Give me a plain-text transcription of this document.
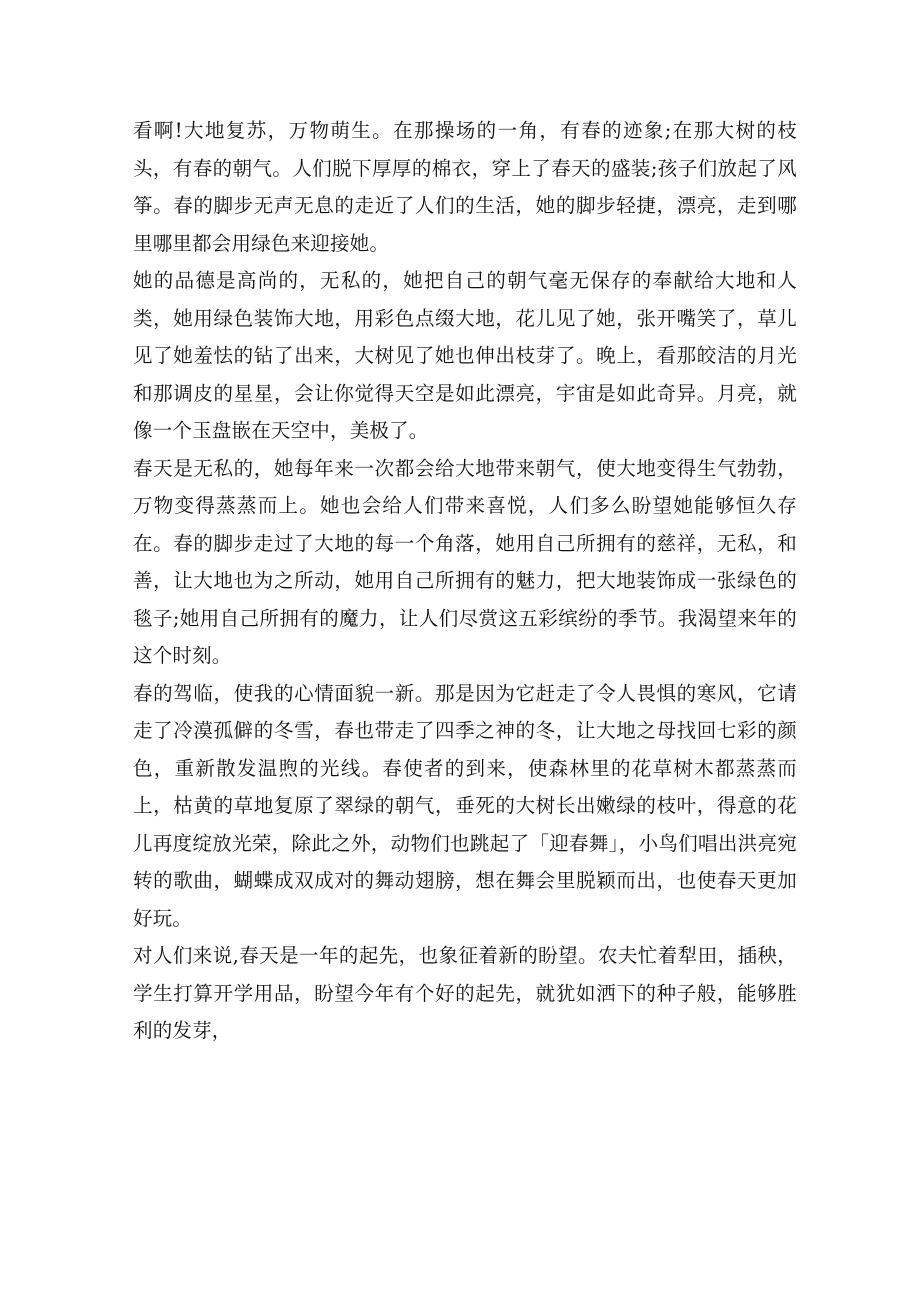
看啊!大地复苏，万物萌生。在那操场的一角，有春的迹象;在那大树的枝头，有春的朝气。人们脱下厚厚的棉衣，穿上了春天的盛装;孩子们放起了风筝。春的脚步无声无息的走近了人们的生活，她的脚步轻捷，漂亮，走到哪里哪里都会用绿色来迎接她。

她的品德是高尚的，无私的，她把自己的朝气毫无保存的奉献给大地和人类，她用绿色装饰大地，用彩色点缀大地，花儿见了她，张开嘴笑了，草儿见了她羞怯的钻了出来，大树见了她也伸出枝芽了。晚上，看那皎洁的月光和那调皮的星星，会让你觉得天空是如此漂亮，宇宙是如此奇异。月亮，就像一个玉盘嵌在天空中，美极了。

春天是无私的，她每年来一次都会给大地带来朝气，使大地变得生气勃勃，万物变得蒸蒸而上。她也会给人们带来喜悦，人们多么盼望她能够恒久存在。春的脚步走过了大地的每一个角落，她用自己所拥有的慈祥，无私，和善，让大地也为之所动，她用自己所拥有的魅力，把大地装饰成一张绿色的毯子;她用自己所拥有的魔力，让人们尽赏这五彩缤纷的季节。我渴望来年的这个时刻。

春的驾临，使我的心情面貌一新。那是因为它赶走了令人畏惧的寒风，它请走了冷漠孤僻的冬雪，春也带走了四季之神的冬，让大地之母找回七彩的颜色，重新散发温煦的光线。春使者的到来，使森林里的花草树木都蒸蒸而上，枯黄的草地复原了翠绿的朝气，垂死的大树长出嫩绿的枝叶，得意的花儿再度绽放光荣，除此之外，动物们也跳起了「迎春舞」，小鸟们唱出洪亮宛转的歌曲，蝴蝶成双成对的舞动翅膀，想在舞会里脱颖而出，也使春天更加好玩。

对人们来说,春天是一年的起先，也象征着新的盼望。农夫忙着犁田，插秧，学生打算开学用品，盼望今年有个好的起先，就犹如洒下的种子般，能够胜利的发芽，
